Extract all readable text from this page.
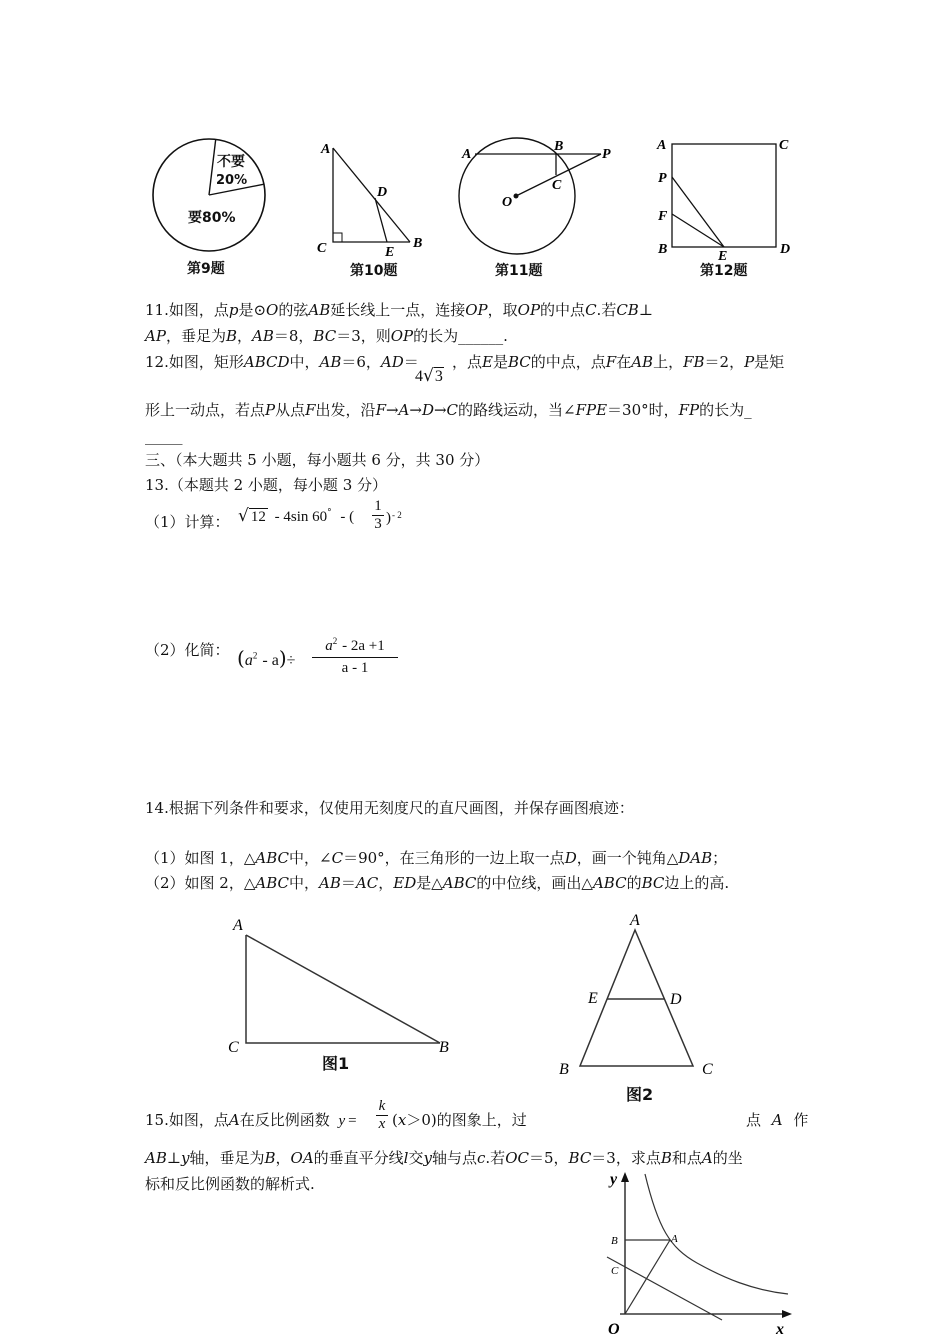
不要
20%
要80%
第9题
A
D
C	E
B
第10题
A
B
P
C
O
第11题
A	C
P
F
B	E	D
第12题
11.如图，点p是⊙O的弦AB延长线上一点，连接OP，取OP的中点C.若CB⊥
AP，垂足为B，AB＝8，BC＝3，则OP的长为______.
12.如图，矩形ABCD中，AB＝6，AD＝
4√3
，点E是BC的中点，点F在AB上，FB＝2，P是矩
形上一动点，若点P从点F出发，沿F→A→D→C的路线运动，当∠FPE＝30°时，FP的长为_
_____
三、（本大题共 5 小题，每小题共 6 分，共 30 分）
13.（本题共 2 小题，每小题 3 分）
（1）计算： √ 12 - 4sin 60° - (
1
3 ) - 2
（2）化简： $(a^2 - a)\div$
$a^2 - 2a +1$
a - 1
14.根据下列条件和要求，仅使用无刻度尺的直尺画图，并保存画图痕迹：
（1）如图 1，△ABC中，∠C＝90°，在三角形的一边上取一点D，画一个钝角△DAB；
（2）如图 2，△ABC中，AB＝AC，ED是△ABC的中位线，画出△ABC的BC边上的高.
A
C	B
图1
A
E	D
B	C
图2
15.如图，点A在反比例函数 y =
k
x (x＞0)的图象上，过	点 A 作
AB⊥y轴，垂足为B，OA的垂直平分线l交y轴与点c.若OC＝5，BC＝3，求点B和点A的坐
标和反比例函数的解析式.	y
B	A
C
O	x
